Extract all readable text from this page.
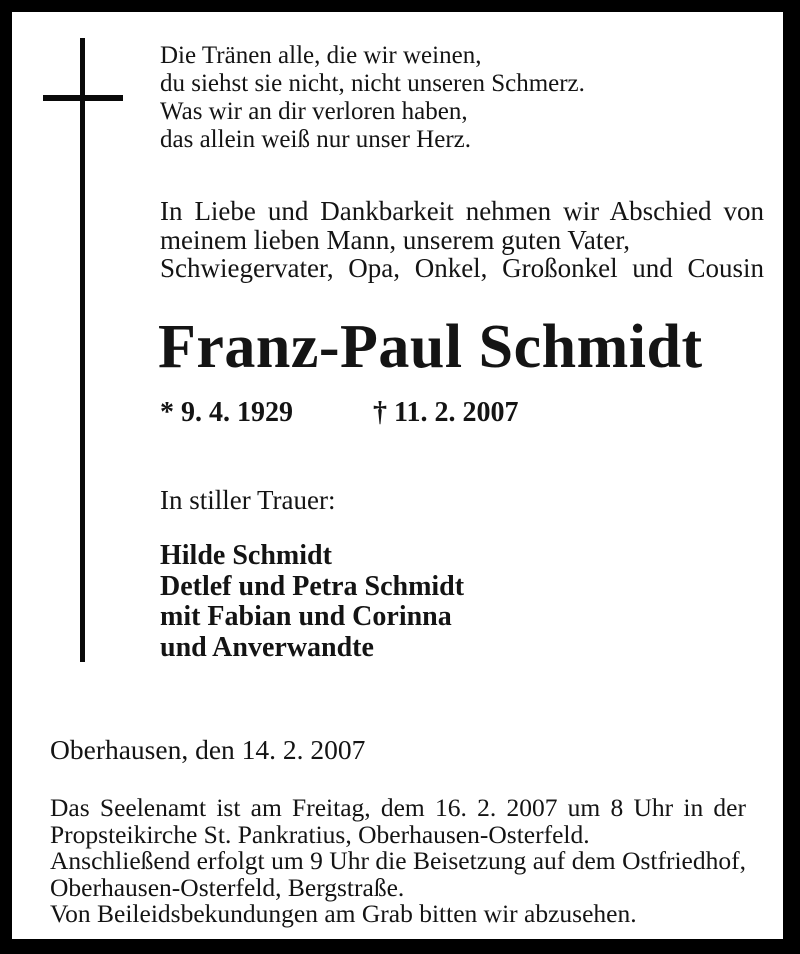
Die Tränen alle, die wir weinen,
du siehst sie nicht, nicht unseren Schmerz.
Was wir an dir verloren haben,
das allein weiß nur unser Herz.
In Liebe und Dankbarkeit nehmen wir Abschied von
meinem lieben Mann, unserem guten Vater,
Schwiegervater, Opa, Onkel, Großonkel und Cousin
Franz-Paul Schmidt
* 9. 4. 1929	† 11. 2. 2007
In stiller Trauer:
Hilde Schmidt
Detlef und Petra Schmidt
mit Fabian und Corinna
und Anverwandte
Oberhausen, den 14. 2. 2007
Das Seelenamt ist am Freitag, dem 16. 2. 2007 um 8 Uhr in der
Propsteikirche St. Pankratius, Oberhausen-Osterfeld.
Anschließend erfolgt um 9 Uhr die Beisetzung auf dem Ostfriedhof,
Oberhausen-Osterfeld, Bergstraße.
Von Beileidsbekundungen am Grab bitten wir abzusehen.
